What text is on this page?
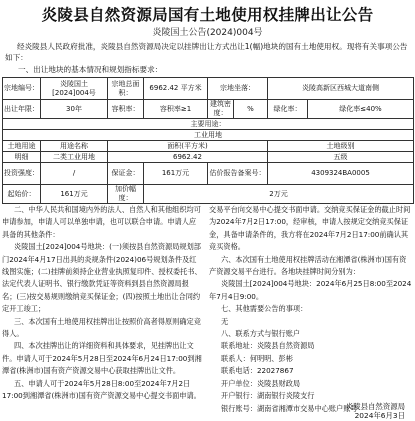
炎陵县自然资源局国有土地使用权挂牌出让公告
炎陵国土公告(2024)004号

经炎陵县人民政府批准，炎陵县自然资源局决定以挂牌出让方式出让1(幅)地块的国有土地使用权。现将有关事项公告如下：

一、出让地块的基本情况和规划指标要求：
宗地编号：	炎陵国土[2024]004号	宗地总面积：	6962.42 平方米	宗地坐落：		炎陵高新区西城大道南侧	
出让年限：	30年	容积率：	容积率≥1	建筑密度：	%	绿化率：	绿化率≤40%
主要用途：							
工业用地							
土地用途	用途名称	面积(平方米)				土地级别	
明细	二类工业用地	6962.42				五级	
投资强度：	/	保证金：	161万元	估价报告备案号：		4309324BA0005	
起始价：	161万元	加价幅度：	2万元				

二、中华人民共和国境内外的法人、自然人和其他组织均可申请参加，申请人可以单独申请，也可以联合申请。申请人应具备的其他条件：

炎陵国土[2024]004号地块：(一)须按县自然资源局规划部门2024年4月17日出具的炎规条件(2024)06号规划条件及红线图实施；(二)挂牌前须持企业营业执照复印件、授权委托书、法定代表人证明书、银行缴款凭证等资料到县自然资源局报名；(三)按交易规则缴纳竞买保证金；(四)按照土地出让合同约定开工竣工；

三、本次国有土地使用权挂牌出让按照价高者得原则确定竞得人。

四、本次挂牌出让的详细资料和具体要求，见挂牌出让文件。申请人可于2024年5月28日至2024年6月24日17:00到湘潭省(株洲市)国有资产资源交易中心获取挂牌出让文件。

五、申请人可于2024年5月28日8:00至2024年7月2日17:00到湘潭省(株洲市)国有资产资源交易中心提交书面申请。

交易平台向交易中心提交书面申请。交纳竞买保证金的截止时间为2024年7月2日17:00，经审核，申请人按规定交纳竞买保证金，具备申请条件的，我方将在2024年7月2日17:00前确认其竞买资格。

六、本次国有土地使用权挂牌活动在湘潭省(株洲市)国有资产资源交易平台进行。各地块挂牌时间分别为：

炎陵国土[2024]004号地块：2024年6月25日8:00至2024年7月4日9:00。

七、其他需要公告的事项：

无

八、联系方式与银行账户

联系地址：炎陵县自然资源局

联系人：何明明、彭彬

联系电话：22027867

开户单位：炎陵县财政局

开户银行：湖南银行炎陵支行

银行账号：湖南省湘潭市交易中心账户账号

炎陵县自然资源局
2024年6月3日
